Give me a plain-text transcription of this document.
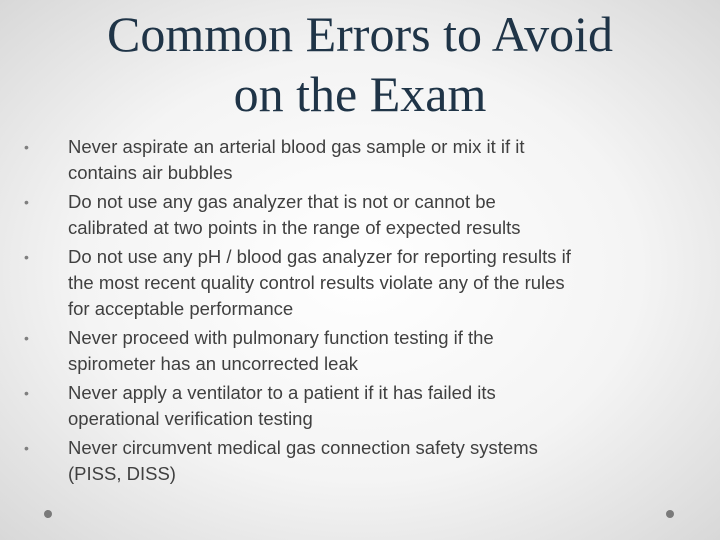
Common Errors to Avoid
on the Exam
•	Never aspirate an arterial blood gas sample or mix it if it
contains air bubbles
•	Do not use any gas analyzer that is not or cannot be
calibrated at two points in the range of expected results
•	Do not use any pH / blood gas analyzer for reporting results if
the most recent quality control results violate any of the rules
for acceptable performance
•	Never proceed with pulmonary function testing if the
spirometer has an uncorrected leak
•	Never apply a ventilator to a patient if it has failed its
operational verification testing
•	Never circumvent medical gas connection safety systems
(PISS, DISS)
